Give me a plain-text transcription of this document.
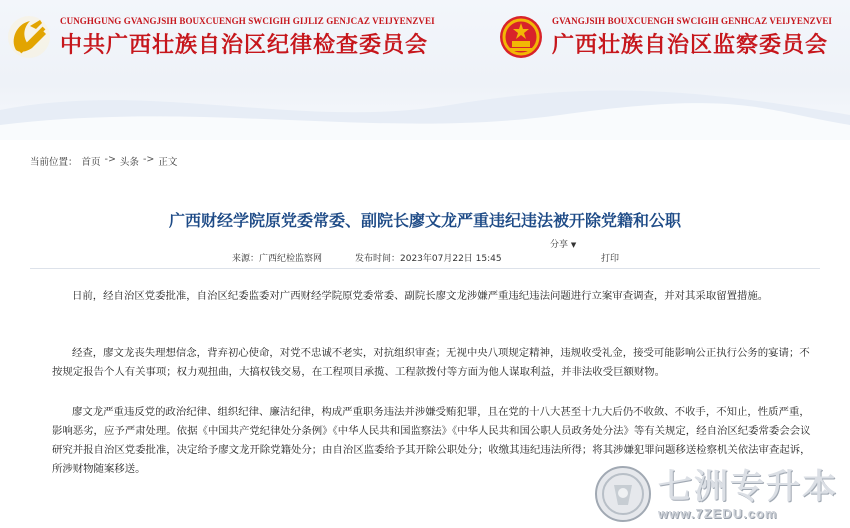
CUNGHGUNG GVANGJSIH BOUXCUENGH SWCIGIH GIJLIZ GENJCAZ VEIJYENZVEI
中共广西壮族自治区纪律检查委员会
GVANGJSIH BOUXCUENGH SWCIGIH GENHCAZ VEIJYENZVEI
广西壮族自治区监察委员会
当前位置： 首页 -> 头条 -> 正文
广西财经学院原党委常委、副院长廖文龙严重违纪违法被开除党籍和公职
分享 ▼
来源：广西纪检监察网	发布时间：2023年07月22日 15:45	打印
日前，经自治区党委批准，自治区纪委监委对广西财经学院原党委常委、副院长廖文龙涉嫌严重违纪违法问题进行立案审查调查，并对其采取留置措施。
经查，廖文龙丧失理想信念，背弃初心使命，对党不忠诚不老实，对抗组织审查；无视中央八项规定精神，违规收受礼金，接受可能影响公正执行公务的宴请；不按规定报告个人有关事项；权力观扭曲，大搞权钱交易，在工程项目承揽、工程款拨付等方面为他人谋取利益，并非法收受巨额财物。
廖文龙严重违反党的政治纪律、组织纪律、廉洁纪律，构成严重职务违法并涉嫌受贿犯罪，且在党的十八大甚至十九大后仍不收敛、不收手，不知止，性质严重，影响恶劣，应予严肃处理。依据《中国共产党纪律处分条例》《中华人民共和国监察法》《中华人民共和国公职人员政务处分法》等有关规定，经自治区纪委常委会会议研究并报自治区党委批准，决定给予廖文龙开除党籍处分；由自治区监委给予其开除公职处分；收缴其违纪违法所得；将其涉嫌犯罪问题移送检察机关依法审查起诉，所涉财物随案移送。	七洲专升本
www.7ZEDU.com
